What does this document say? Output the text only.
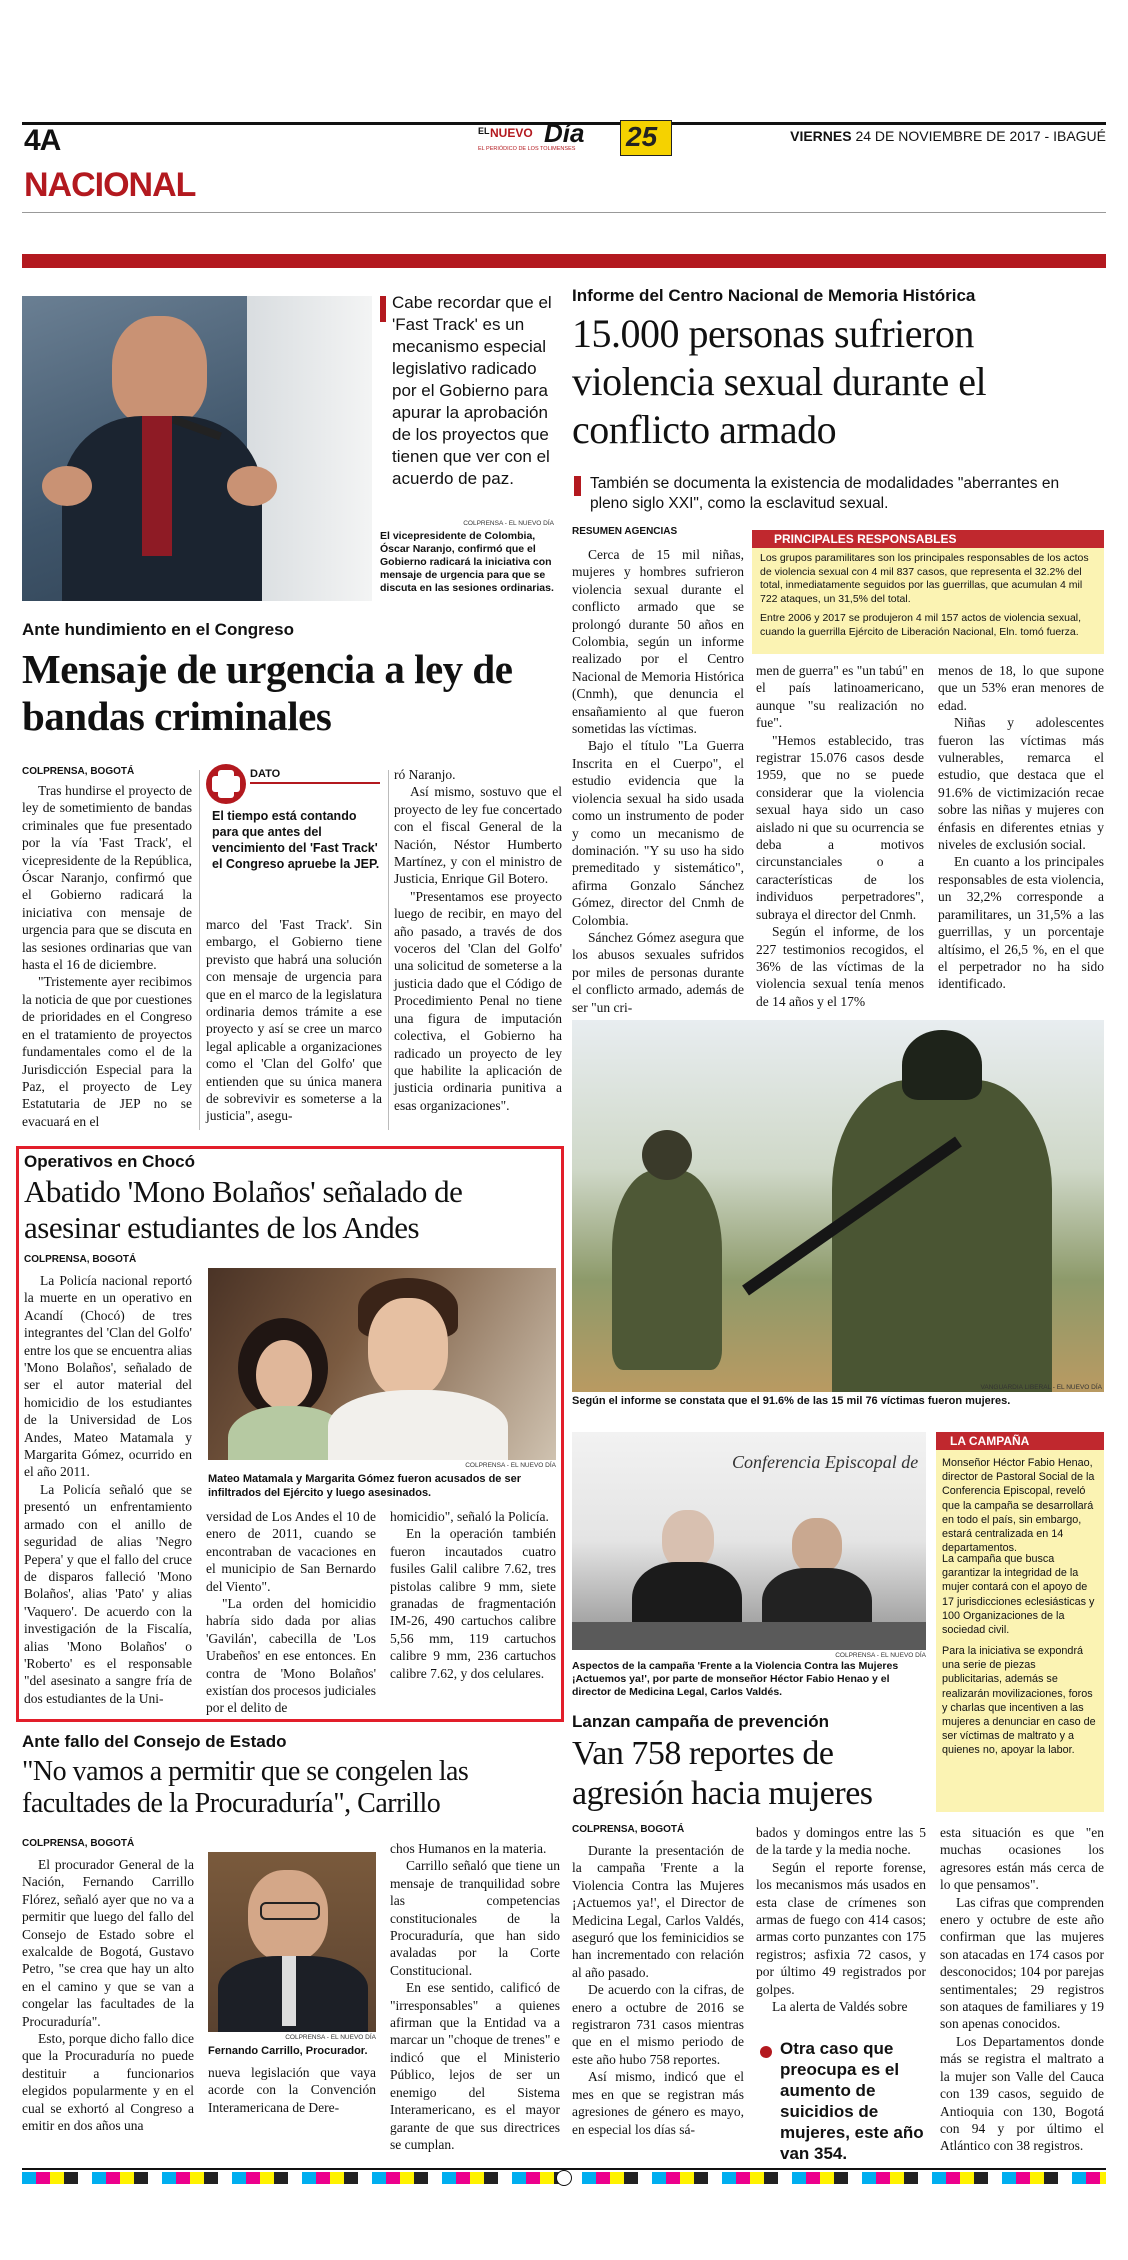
4A
NACIONAL
EL NUEVO Día
EL PERIÓDICO DE LOS TOLIMENSES 25	VIERNES 24 DE NOVIEMBRE DE 2017 - IBAGUÉ
Cabe recordar que el 'Fast Track' es un mecanismo especial legislativo radicado por el Gobierno para apurar la aprobación de los proyectos que tienen que ver con el acuerdo de paz.
COLPRENSA - EL NUEVO DÍA
El vicepresidente de Colombia, Óscar Naranjo, confirmó que el Gobierno radicará la iniciativa con mensaje de urgencia para que se discuta en las sesiones ordinarias.
Ante hundimiento en el Congreso
Mensaje de urgencia a ley de bandas criminales
COLPRENSA, BOGOTÁ

Tras hundirse el proyecto de ley de sometimiento de bandas criminales que fue presentado por la vía 'Fast Track', el vicepresidente de la República, Óscar Naranjo, confirmó que el Gobierno radicará la iniciativa con mensaje de urgencia para que se discuta en las sesiones ordinarias que van hasta el 16 de diciembre.

"Tristemente ayer recibimos la noticia de que por cuestiones de prioridades en el Congreso en el tratamiento de proyectos fundamentales como el de la Jurisdicción Especial para la Paz, el proyecto de Ley Estatutaria de JEP no se evacuará en el

DATO
El tiempo está contando para que antes del vencimiento del 'Fast Track' el Congreso apruebe la JEP.

marco del 'Fast Track'. Sin embargo, el Gobierno tiene previsto que habrá una solución con mensaje de urgencia para que en el marco de la legislatura ordinaria demos trámite a ese proyecto y así se cree un marco legal aplicable a organizaciones como el 'Clan del Golfo' que entienden que su única manera de sobrevivir es someterse a la justicia", asegu-

ró Naranjo.

Así mismo, sostuvo que el proyecto de ley fue concertado con el fiscal General de la Nación, Néstor Humberto Martínez, y con el ministro de Justicia, Enrique Gil Botero.

"Presentamos ese proyecto luego de recibir, en mayo del año pasado, a través de dos voceros del 'Clan del Golfo' una solicitud de someterse a la justicia dado que el Código de Procedimiento Penal no tiene una figura de imputación colectiva, el Gobierno ha radicado un proyecto de ley que habilite la aplicación de justicia ordinaria punitiva a esas organizaciones".

Operativos en Chocó
Abatido 'Mono Bolaños' señalado de asesinar estudiantes de los Andes
COLPRENSA, BOGOTÁ

La Policía nacional reportó la muerte en un operativo en Acandí (Chocó) de tres integrantes del 'Clan del Golfo' entre los que se encuentra alias 'Mono Bolaños', señalado de ser el autor material del homicidio de los estudiantes de la Universidad de Los Andes, Mateo Matamala y Margarita Gómez, ocurrido en el año 2011.

La Policía señaló que se presentó un enfrentamiento armado con el anillo de seguridad de alias 'Negro Pepera' y que el fallo del cruce de disparos falleció 'Mono Bolaños', alias 'Pato' y alias 'Vaquero'. De acuerdo con la investigación de la Fiscalía, alias 'Mono Bolaños' o 'Roberto' es el responsable "del asesinato a sangre fría de dos estudiantes de la Uni-

COLPRENSA - EL NUEVO DÍA
Mateo Matamala y Margarita Gómez fueron acusados de ser infiltrados del Ejército y luego asesinados.

versidad de Los Andes el 10 de enero de 2011, cuando se encontraban de vacaciones en el municipio de San Bernardo del Viento".

"La orden del homicidio habría sido dada por alias 'Gavilán', cabecilla de 'Los Urabeños' en ese entonces. En contra de 'Mono Bolaños' existían dos procesos judiciales por el delito de

homicidio", señaló la Policía.

En la operación también fueron incautados cuatro fusiles Galil calibre 7.62, tres pistolas calibre 9 mm, siete granadas de fragmentación IM-26, 490 cartuchos calibre 5,56 mm, 119 cartuchos calibre 9 mm, 236 cartuchos calibre 7.62, y dos celulares.

Ante fallo del Consejo de Estado
"No vamos a permitir que se congelen las facultades de la Procuraduría", Carrillo
COLPRENSA, BOGOTÁ

El procurador General de la Nación, Fernando Carrillo Flórez, señaló ayer que no va a permitir que luego del fallo del Consejo de Estado sobre el exalcalde de Bogotá, Gustavo Petro, "se crea que hay un alto en el camino y que se van a congelar las facultades de la Procuraduría".

Esto, porque dicho fallo dice que la Procuraduría no puede destituir a funcionarios elegidos popularmente y en el cual se exhortó al Congreso a emitir en dos años una

COLPRENSA - EL NUEVO DÍA
Fernando Carrillo, Procurador.

nueva legislación que vaya acorde con la Convención Interamericana de Dere-

chos Humanos en la materia.

Carrillo señaló que tiene un mensaje de tranquilidad sobre las competencias constitucionales de la Procuraduría, que han sido avaladas por la Corte Constitucional.

En ese sentido, calificó de "irresponsables" a quienes afirman que la Entidad va a marcar un "choque de trenes" e indicó que el Ministerio Público, lejos de ser un enemigo del Sistema Interamericano, es el mayor garante de que sus directrices se cumplan.

Informe del Centro Nacional de Memoria Histórica
15.000 personas sufrieron violencia sexual durante el conflicto armado
También se documenta la existencia de modalidades "aberrantes en pleno siglo XXI", como la esclavitud sexual.
RESUMEN AGENCIAS
PRINCIPALES RESPONSABLES
Los grupos paramilitares son los principales responsables de los actos de violencia sexual con 4 mil 837 casos, que representa el 32.2% del total, inmediatamente seguidos por las guerrillas, que acumulan 4 mil 722 ataques, un 31,5% del total.
Entre 2006 y 2017 se produjeron 4 mil 157 actos de violencia sexual, cuando la guerrilla Ejército de Liberación Nacional, Eln. tomó fuerza.

Cerca de 15 mil niñas, mujeres y hombres sufrieron violencia sexual durante el conflicto armado que se prolongó durante 50 años en Colombia, según un informe realizado por el Centro Nacional de Memoria Histórica (Cnmh), que denuncia el ensañamiento al que fueron sometidas las víctimas.

Bajo el título "La Guerra Inscrita en el Cuerpo", el estudio evidencia que la violencia sexual ha sido usada como un instrumento de poder y como un mecanismo de dominación. "Y su uso ha sido premeditado y sistemático", afirma Gonzalo Sánchez Gómez, director del Cnmh de Colombia.

Sánchez Gómez asegura que los abusos sexuales sufridos por miles de personas durante el conflicto armado, además de ser "un cri-

men de guerra" es "un tabú" en el país latinoamericano, aunque "su realización no fue".

"Hemos establecido, tras registrar 15.076 casos desde 1959, que no se puede considerar que la violencia sexual haya sido un caso aislado ni que su ocurrencia se deba a motivos circunstanciales o a características de los individuos perpetradores", subraya el director del Cnmh.

Según el informe, de los 227 testimonios recogidos, el 36% de las víctimas de la violencia sexual tenía menos de 14 años y el 17%

menos de 18, lo que supone que un 53% eran menores de edad.

Niñas y adolescentes fueron las víctimas más vulnerables, remarca el estudio, que destaca que el 91.6% de victimización recae sobre las niñas y mujeres con énfasis en diferentes etnias y niveles de exclusión social.

En cuanto a los principales responsables de esta violencia, un 32,2% corresponde a paramilitares, un 31,5% a las guerrillas, y un porcentaje altísimo, el 26,5 %, en el que el perpetrador no ha sido identificado.

VANGUARDIA LIBERAL - EL NUEVO DÍA
Según el informe se constata que el 91.6% de las 15 mil 76 víctimas fueron mujeres.
Conferencia Episcopal de
COLPRENSA - EL NUEVO DÍA
Aspectos de la campaña 'Frente a la Violencia Contra las Mujeres ¡Actuemos ya!', por parte de monseñor Héctor Fabio Henao y el director de Medicina Legal, Carlos Valdés.
Lanzan campaña de prevención
Van 758 reportes de agresión hacia mujeres
COLPRENSA, BOGOTÁ

Durante la presentación de la campaña 'Frente a la Violencia Contra las Mujeres ¡Actuemos ya!', el Director de Medicina Legal, Carlos Valdés, aseguró que los feminicidios se han incrementado con relación al año pasado.

De acuerdo con la cifras, de enero a octubre de 2016 se registraron 731 casos mientras que en el mismo periodo de este año hubo 758 reportes.

Así mismo, indicó que el mes en que se registran más agresiones de género es mayo, en especial los días sá-

bados y domingos entre las 5 de la tarde y la media noche.

Según el reporte forense, los mecanismos más usados en esta clase de crímenes son armas de fuego con 414 casos; armas corto punzantes con 175 registros; asfixia 72 casos, y por último 49 registrados por golpes.

La alerta de Valdés sobre

Otra caso que preocupa es el aumento de suicidios de mujeres, este año van 354.

esta situación es que "en muchas ocasiones los agresores están más cerca de lo que pensamos".

Las cifras que comprenden enero y octubre de este año confirman que las mujeres son atacadas en 174 casos por desconocidos; 104 por parejas sentimentales; 29 registros son ataques de familiares y 19 son apenas conocidos.

Los Departamentos donde más se registra el maltrato a la mujer son Valle del Cauca con 139 casos, seguido de Antioquia con 130, Bogotá con 94 y por último el Atlántico con 38 registros.

LA CAMPAÑA
Monseñor Héctor Fabio Henao, director de Pastoral Social de la Conferencia Episcopal, reveló que la campaña se desarrollará en todo el país, sin embargo, estará centralizada en 14 departamentos.
La campaña que busca garantizar la integridad de la mujer contará con el apoyo de 17 jurisdicciones eclesiásticas y 100 Organizaciones de la sociedad civil.
Para la iniciativa se expondrá una serie de piezas publicitarias, además se realizarán movilizaciones, foros y charlas que incentiven a las mujeres a denunciar en caso de ser víctimas de maltrato y a quienes no, apoyar la labor.
